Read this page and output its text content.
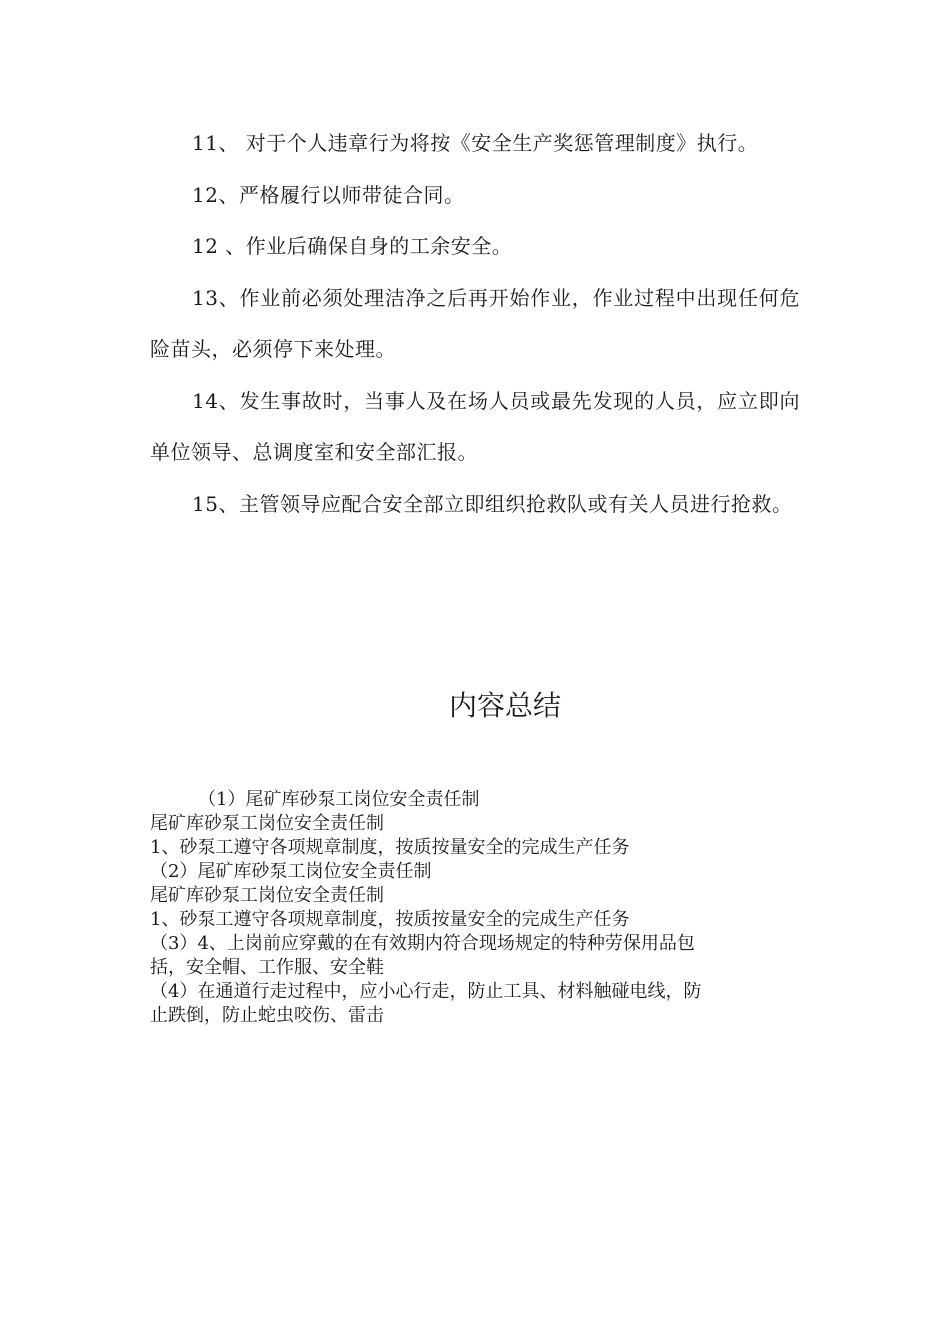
11、 对于个人违章行为将按《安全生产奖惩管理制度》执行。

12、严格履行以师带徒合同。

12 、作业后确保自身的工余安全。

13、作业前必须处理洁净之后再开始作业，作业过程中出现任何危险苗头，必须停下来处理。

14、发生事故时，当事人及在场人员或最先发现的人员，应立即向单位领导、总调度室和安全部汇报。

15、主管领导应配合安全部立即组织抢救队或有关人员进行抢救。

内容总结

（1）尾矿库砂泵工岗位安全责任制

尾矿库砂泵工岗位安全责任制

1、砂泵工遵守各项规章制度，按质按量安全的完成生产任务

（2）尾矿库砂泵工岗位安全责任制

尾矿库砂泵工岗位安全责任制

1、砂泵工遵守各项规章制度，按质按量安全的完成生产任务

（3）4、上岗前应穿戴的在有效期内符合现场规定的特种劳保用品包

括，安全帽、工作服、安全鞋

（4）在通道行走过程中，应小心行走，防止工具、材料触碰电线，防

止跌倒，防止蛇虫咬伤、雷击
